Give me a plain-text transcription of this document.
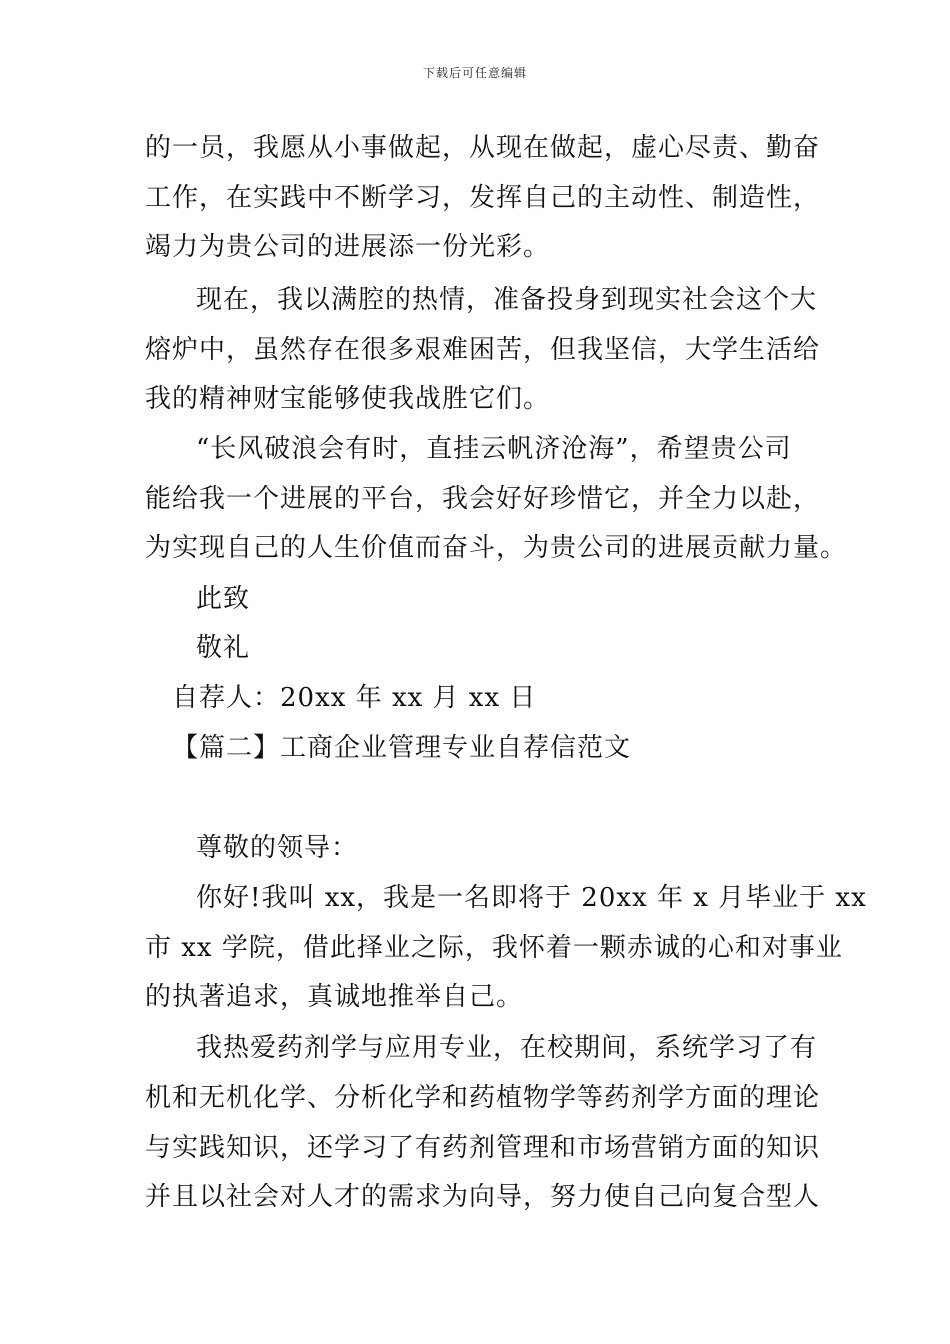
下载后可任意编辑
的一员，我愿从小事做起，从现在做起，虚心尽责、勤奋
工作，在实践中不断学习，发挥自己的主动性、制造性，
竭力为贵公司的进展添一份光彩。
现在，我以满腔的热情，准备投身到现实社会这个大
熔炉中，虽然存在很多艰难困苦，但我坚信，大学生活给
我的精神财宝能够使我战胜它们。
“长风破浪会有时，直挂云帆济沧海”，希望贵公司
能给我一个进展的平台，我会好好珍惜它，并全力以赴，
为实现自己的人生价值而奋斗，为贵公司的进展贡献力量。
此致
敬礼
自荐人：20xx 年 xx 月 xx 日
【篇二】工商企业管理专业自荐信范文
尊敬的领导：
你好!我叫 xx，我是一名即将于 20xx 年 x 月毕业于 xx
市 xx 学院，借此择业之际，我怀着一颗赤诚的心和对事业
的执著追求，真诚地推举自己。
我热爱药剂学与应用专业，在校期间，系统学习了有
机和无机化学、分析化学和药植物学等药剂学方面的理论
与实践知识，还学习了有药剂管理和市场营销方面的知识
并且以社会对人才的需求为向导，努力使自己向复合型人
